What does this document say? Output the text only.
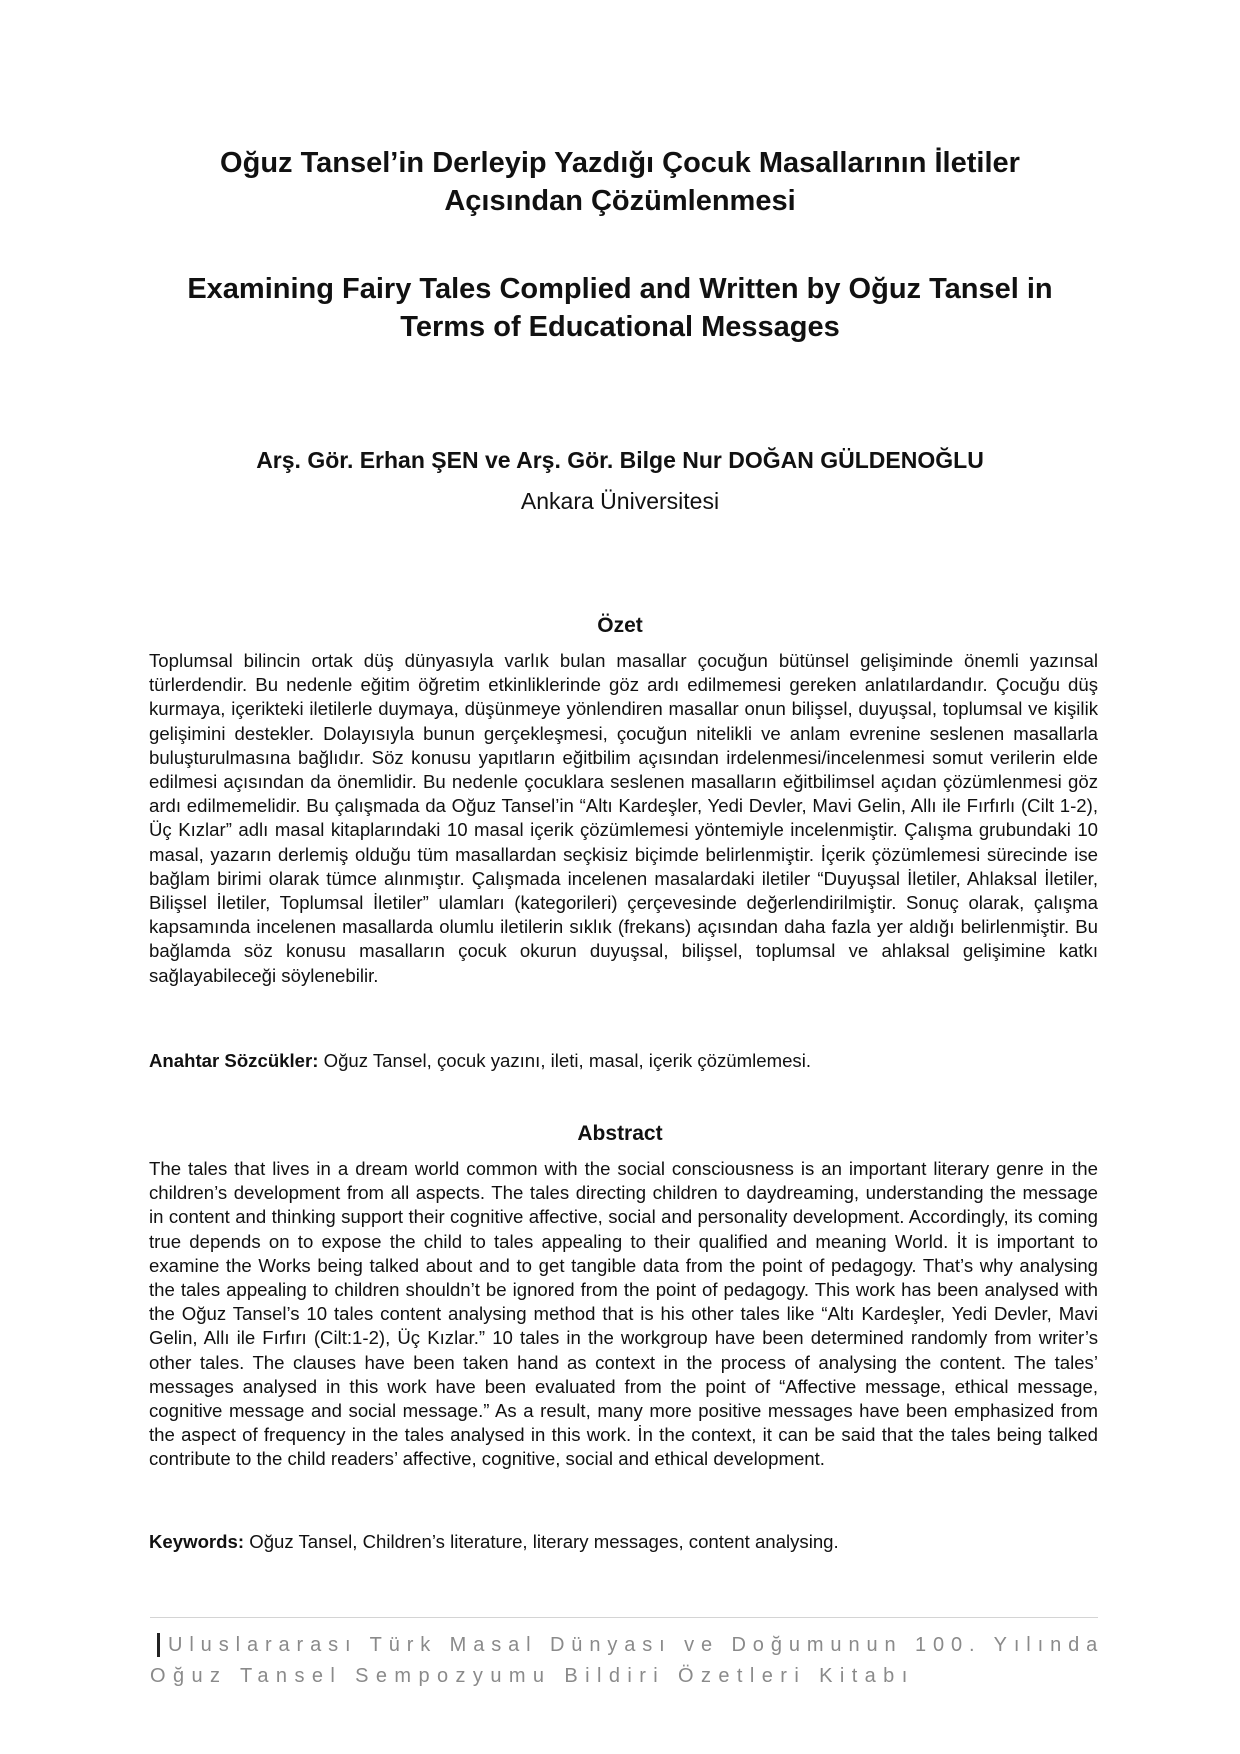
Oğuz Tansel’in Derleyip Yazdığı Çocuk Masallarının İletiler
Açısından Çözümlenmesi
Examining Fairy Tales Complied and Written by Oğuz Tansel in
Terms of Educational Messages
Arş. Gör. Erhan ŞEN ve Arş. Gör. Bilge Nur DOĞAN GÜLDENOĞLU
Ankara Üniversitesi
Özet
Toplumsal bilincin ortak düş dünyasıyla varlık bulan masallar çocuğun bütünsel gelişiminde önemli yazınsal türlerdendir. Bu nedenle eğitim öğretim etkinliklerinde göz ardı edilmemesi gereken anlatılardandır. Çocuğu düş kurmaya, içerikteki iletilerle duymaya, düşünmeye yönlendiren masallar onun bilişsel, duyuşsal, toplumsal ve kişilik gelişimini destekler. Dolayısıyla bunun gerçekleşmesi, çocuğun nitelikli ve anlam evrenine seslenen masallarla buluşturulmasına bağlıdır. Söz konusu yapıtların eğitbilim açısından irdelenmesi/incelenmesi somut verilerin elde edilmesi açısından da önemlidir. Bu nedenle çocuklara seslenen masalların eğitbilimsel açıdan çözümlenmesi göz ardı edilmemelidir. Bu çalışmada da Oğuz Tansel’in “Altı Kardeşler, Yedi Devler, Mavi Gelin, Allı ile Fırfırlı (Cilt 1-2), Üç Kızlar” adlı masal kitaplarındaki 10 masal içerik çözümlemesi yöntemiyle incelenmiştir. Çalışma grubundaki 10 masal, yazarın derlemiş olduğu tüm masallardan seçkisiz biçimde belirlenmiştir. İçerik çözümlemesi sürecinde ise bağlam birimi olarak tümce alınmıştır. Çalışmada incelenen masalardaki iletiler “Duyuşsal İletiler, Ahlaksal İletiler, Bilişsel İletiler, Toplumsal İletiler” ulamları (kategorileri) çerçevesinde değerlendirilmiştir. Sonuç olarak, çalışma kapsamında incelenen masallarda olumlu iletilerin sıklık (frekans) açısından daha fazla yer aldığı belirlenmiştir. Bu bağlamda söz konusu masalların çocuk okurun duyuşsal, bilişsel, toplumsal ve ahlaksal gelişimine katkı sağlayabileceği söylenebilir.
Anahtar Sözcükler: Oğuz Tansel, çocuk yazını, ileti, masal, içerik çözümlemesi.
Abstract
The tales that lives in a dream world common with the social consciousness is an important literary genre in the children’s development from all aspects. The tales directing children to daydreaming, understanding the message in content and thinking support their cognitive affective, social and personality development. Accordingly, its coming true depends on to expose the child to tales appealing to their qualified and meaning World. İt is important to examine the Works being talked about and to get tangible data from the point of pedagogy. That’s why analysing the tales appealing to children shouldn’t be ignored from the point of pedagogy. This work has been analysed with the Oğuz Tansel’s 10 tales content analysing method that is his other tales like “Altı Kardeşler, Yedi Devler, Mavi Gelin, Allı ile Fırfırı (Cilt:1-2), Üç Kızlar.” 10 tales in the workgroup have been determined randomly from writer’s other tales. The clauses have been taken hand as context in the process of analysing the content. The tales’ messages analysed in this work have been evaluated from the point of “Affective message, ethical message, cognitive message and social message.” As a result, many more positive messages have been emphasized from the aspect of frequency in the tales analysed in this work. İn the context, it can be said that the tales being talked contribute to the child readers’ affective, cognitive, social and ethical development.
Keywords: Oğuz Tansel, Children’s literature, literary messages, content analysing.
Uluslararası Türk Masal Dünyası ve Doğumunun 100. Yılında
Oğuz Tansel Sempozyumu Bildiri Özetleri Kitabı
